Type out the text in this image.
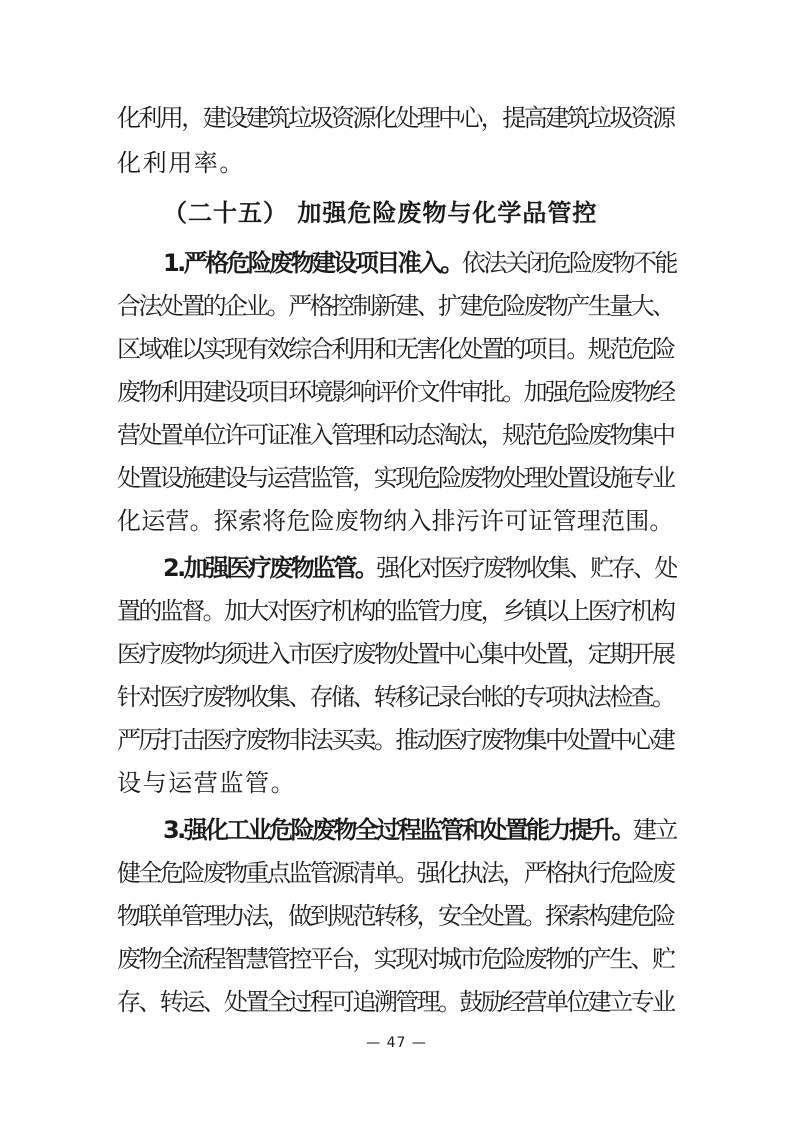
化利用，建设建筑垃圾资源化处理中心，提高建筑垃圾资源
化利用率。
（二十五） 加强危险废物与化学品管控
1.严格危险废物建设项目准入。依法关闭危险废物不能
合法处置的企业。严格控制新建、扩建危险废物产生量大、
区域难以实现有效综合利用和无害化处置的项目。规范危险
废物利用建设项目环境影响评价文件审批。加强危险废物经
营处置单位许可证准入管理和动态淘汰，规范危险废物集中
处置设施建设与运营监管，实现危险废物处理处置设施专业
化运营。探索将危险废物纳入排污许可证管理范围。
2.加强医疗废物监管。强化对医疗废物收集、贮存、处
置的监督。加大对医疗机构的监管力度，乡镇以上医疗机构
医疗废物均须进入市医疗废物处置中心集中处置，定期开展
针对医疗废物收集、存储、转移记录台帐的专项执法检查。
严厉打击医疗废物非法买卖。推动医疗废物集中处置中心建
设与运营监管。
3.强化工业危险废物全过程监管和处置能力提升。建立
健全危险废物重点监管源清单。强化执法，严格执行危险废
物联单管理办法，做到规范转移，安全处置。探索构建危险
废物全流程智慧管控平台，实现对城市危险废物的产生、贮
存、转运、处置全过程可追溯管理。鼓励经营单位建立专业
— 47 —
